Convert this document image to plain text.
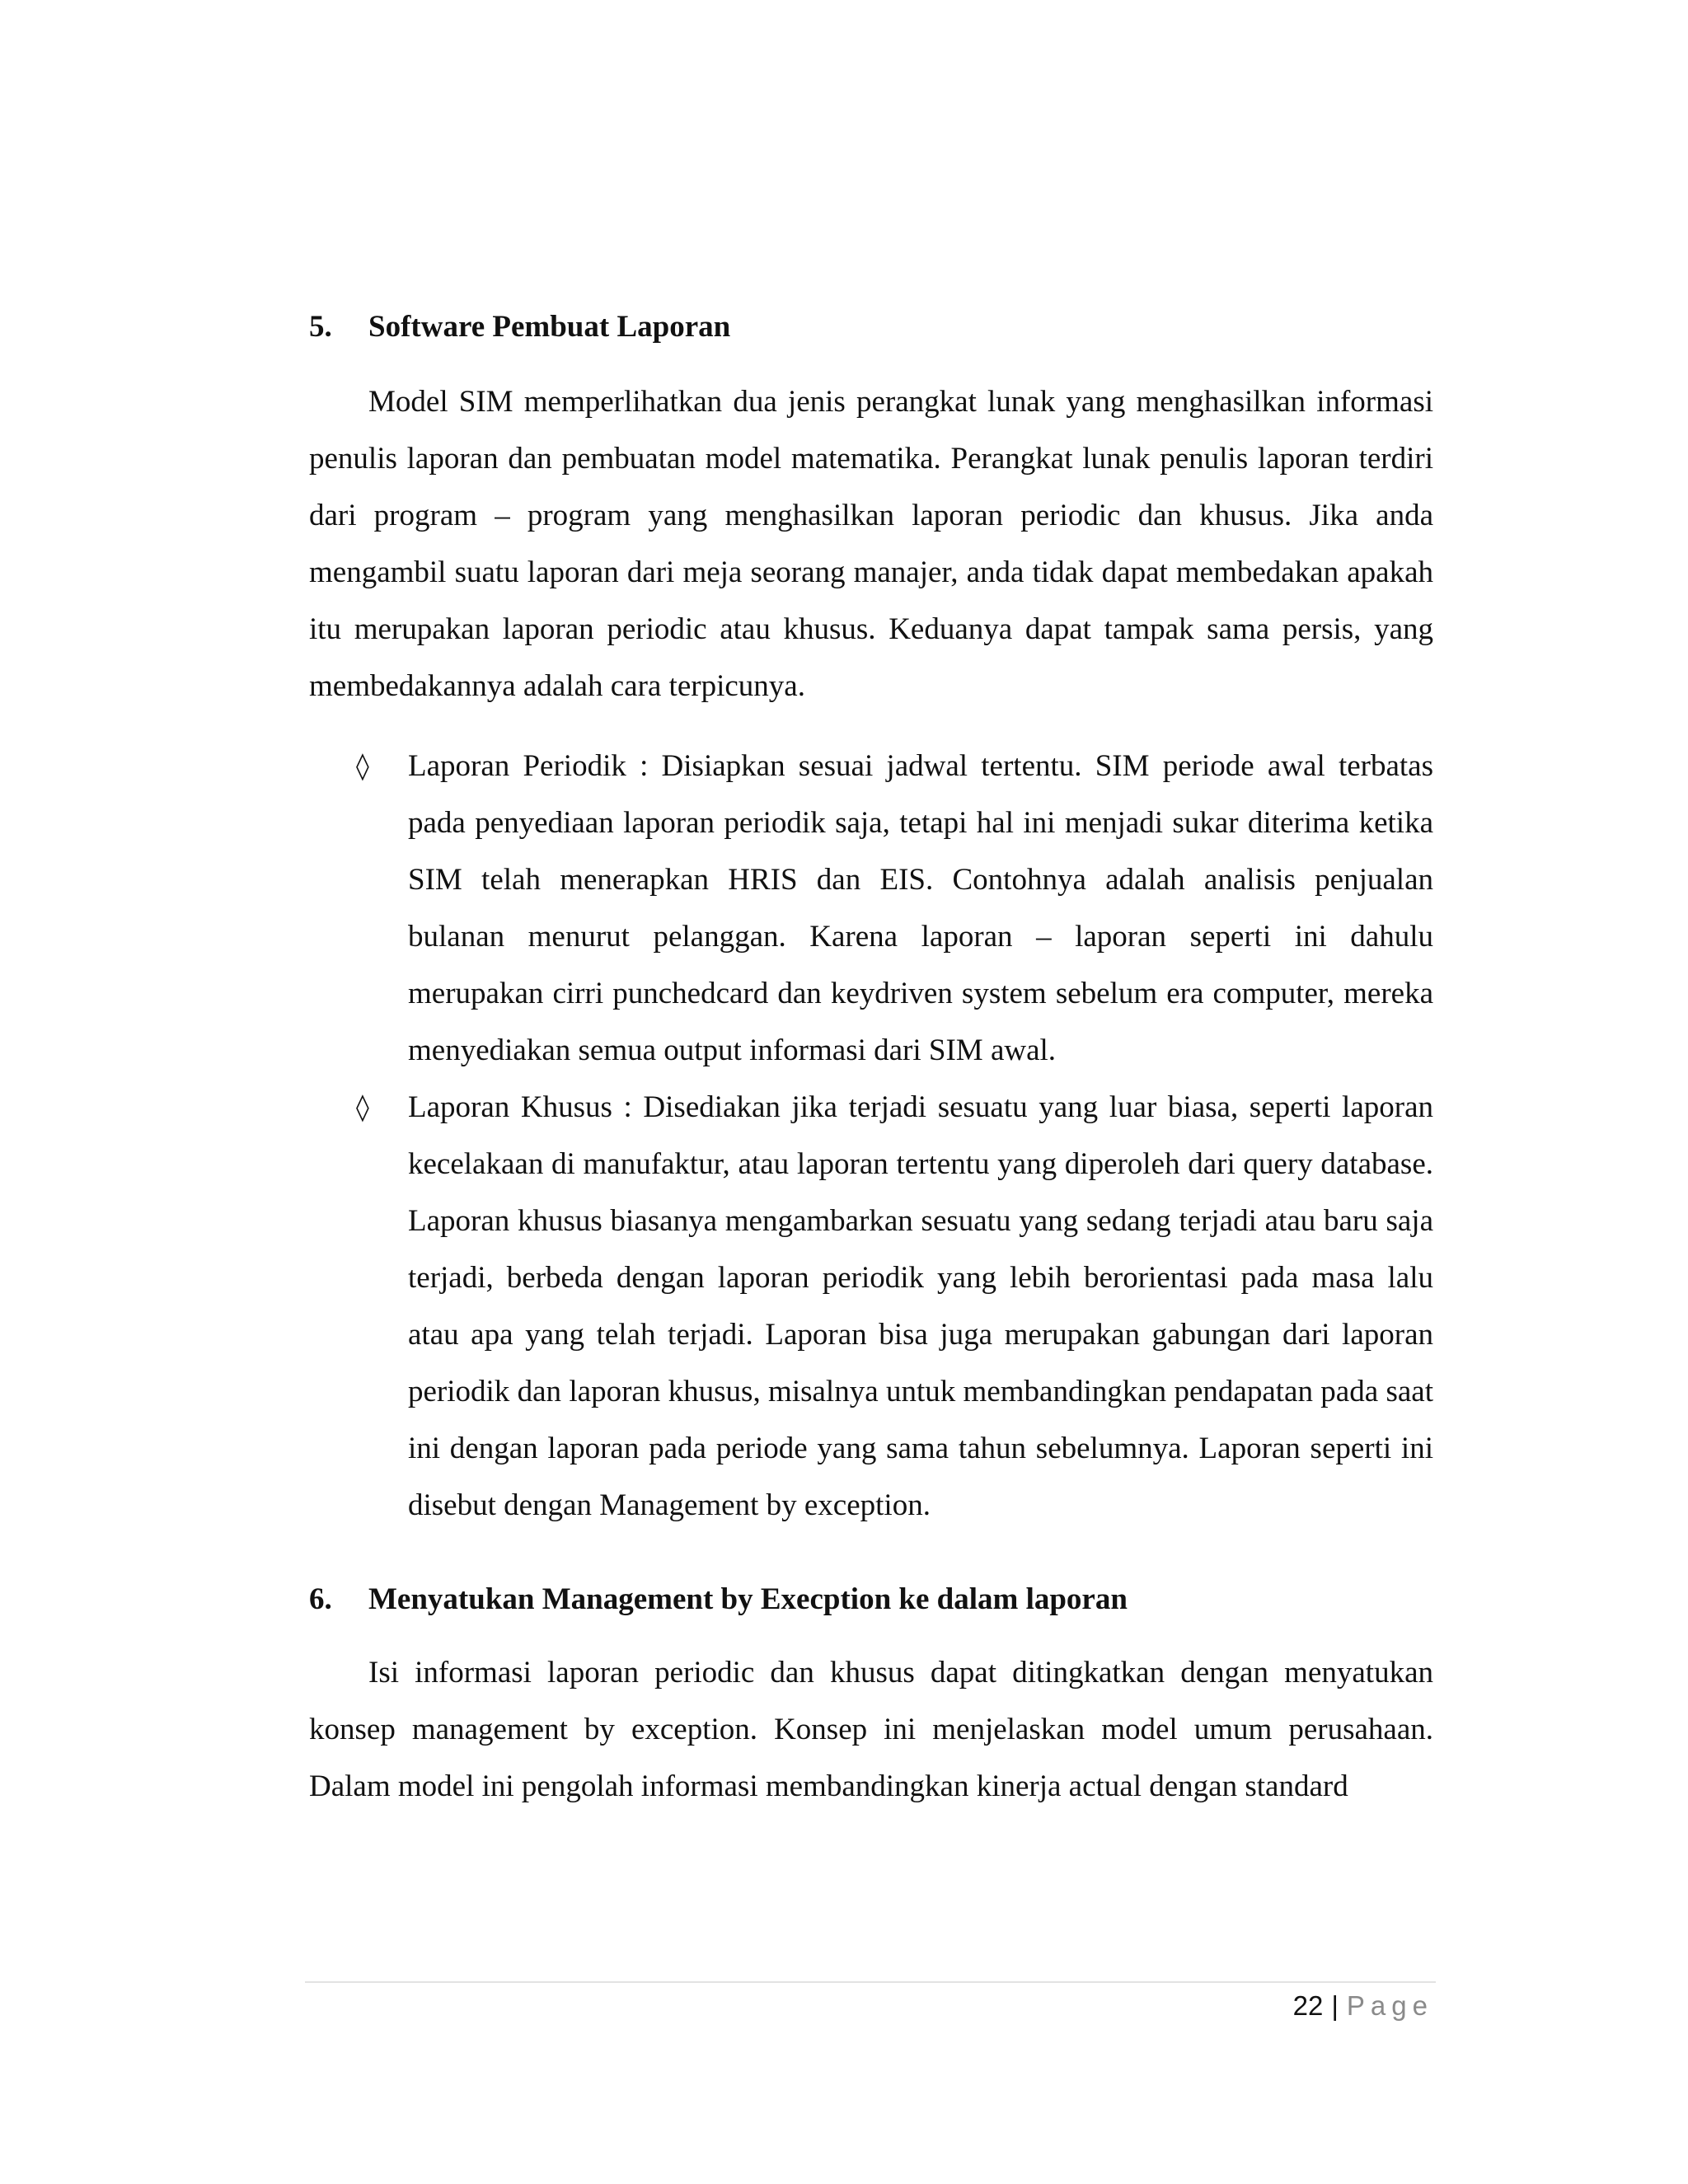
5.	Software Pembuat Laporan

Model SIM memperlihatkan dua jenis perangkat lunak yang menghasilkan informasi penulis laporan dan pembuatan model matematika. Perangkat lunak penulis laporan terdiri dari program – program yang menghasilkan laporan periodic dan khusus. Jika anda mengambil suatu laporan dari meja seorang manajer, anda tidak dapat membedakan apakah itu merupakan laporan periodic atau khusus. Keduanya dapat tampak sama persis, yang membedakannya adalah cara terpicunya.

◊ Laporan Periodik : Disiapkan sesuai jadwal tertentu. SIM periode awal terbatas pada penyediaan laporan periodik saja, tetapi hal ini menjadi sukar diterima ketika SIM telah menerapkan HRIS dan EIS. Contohnya adalah analisis penjualan bulanan menurut pelanggan. Karena laporan – laporan seperti ini dahulu merupakan cirri punchedcard dan keydriven system sebelum era computer, mereka menyediakan semua output informasi dari SIM awal.
◊ Laporan Khusus : Disediakan jika terjadi sesuatu yang luar biasa, seperti laporan kecelakaan di manufaktur, atau laporan tertentu yang diperoleh dari query database. Laporan khusus biasanya mengambarkan sesuatu yang sedang terjadi atau baru saja terjadi, berbeda dengan laporan periodik yang lebih berorientasi pada masa lalu atau apa yang telah terjadi. Laporan bisa juga merupakan gabungan dari laporan periodik dan laporan khusus, misalnya untuk membandingkan pendapatan pada saat ini dengan laporan pada periode yang sama tahun sebelumnya. Laporan seperti ini disebut dengan Management by exception.
6.	Menyatukan Management by Execption ke dalam laporan

Isi informasi laporan periodic dan khusus dapat ditingkatkan dengan menyatukan konsep management by exception. Konsep ini menjelaskan model umum perusahaan. Dalam model ini pengolah informasi membandingkan kinerja actual dengan standard

22 | Page
